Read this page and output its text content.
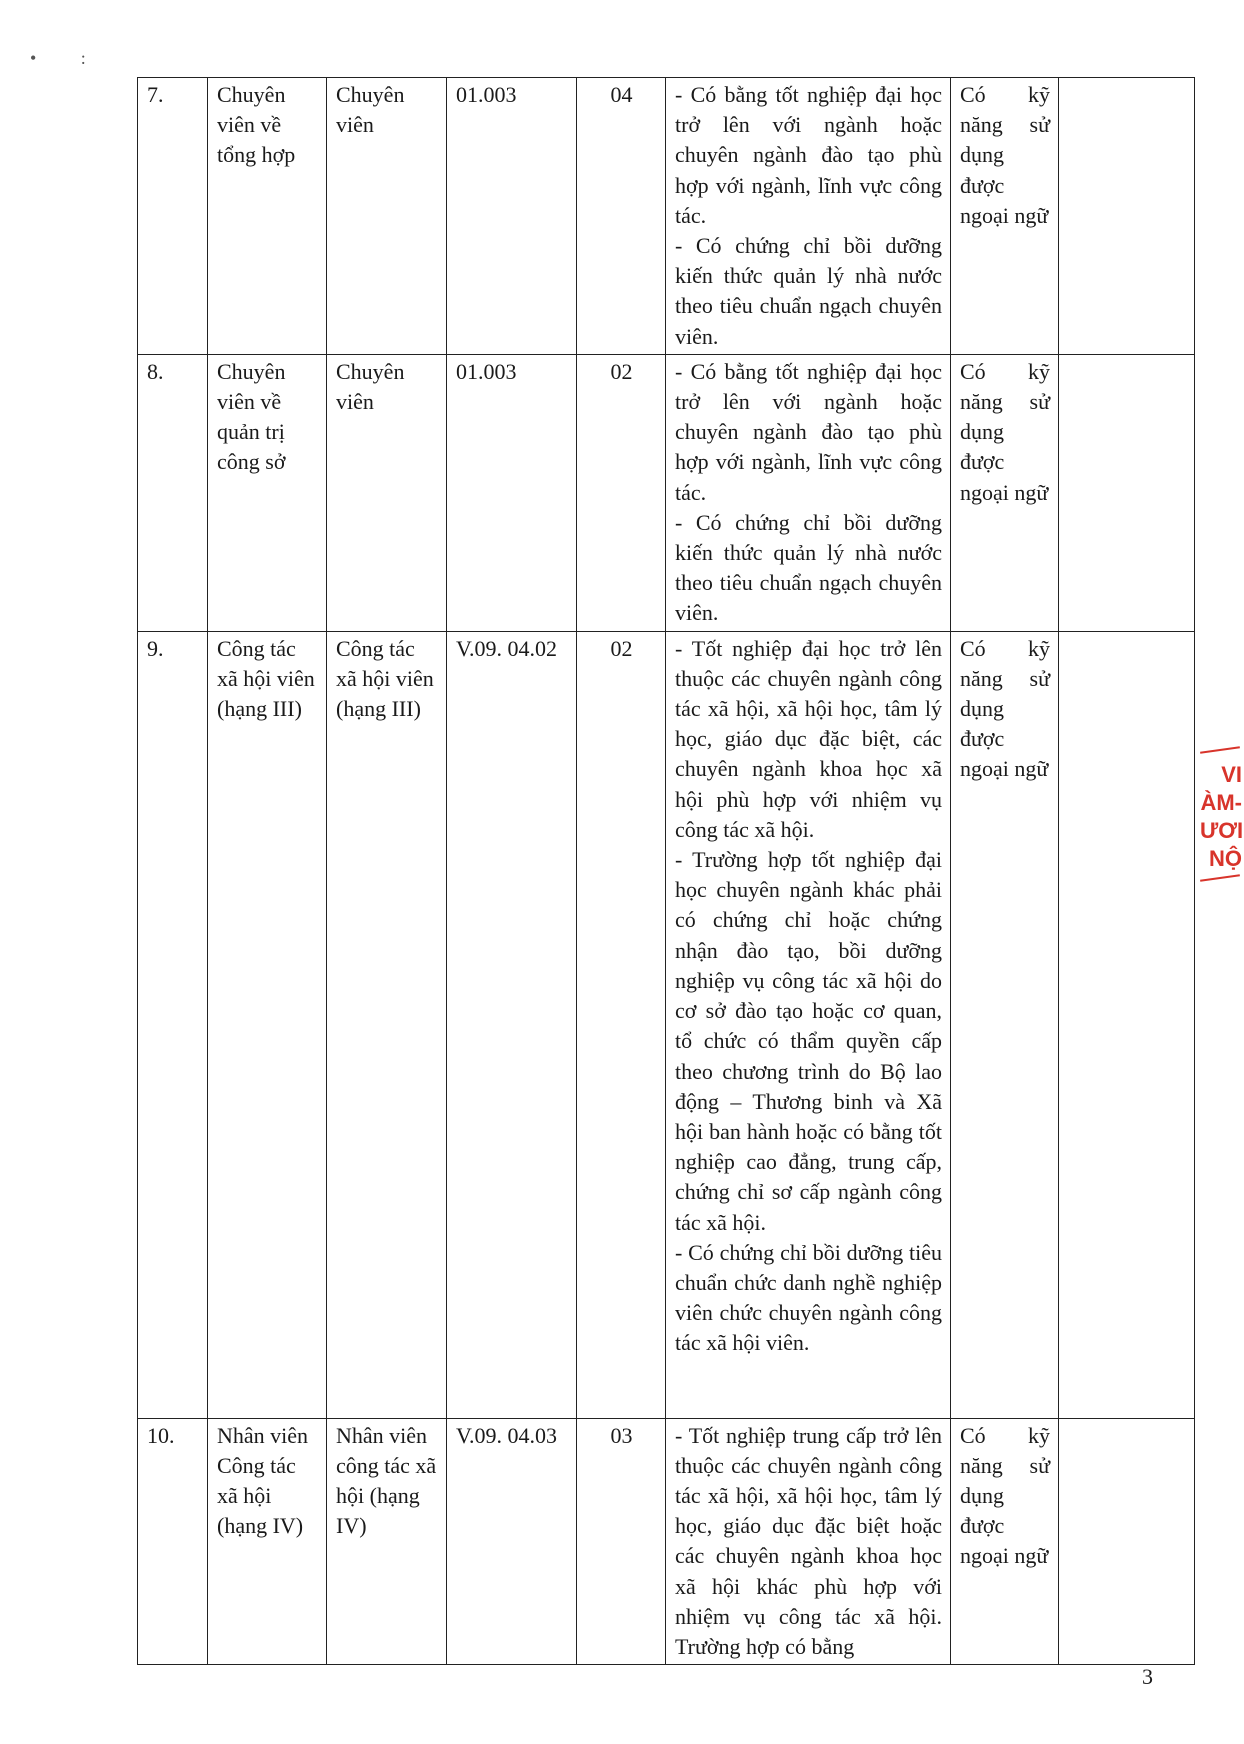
• :
7.	Chuyên viên về tổng hợp	Chuyên viên	01.003	04	- Có bằng tốt nghiệp đại học trở lên với ngành hoặc chuyên ngành đào tạo phù hợp với ngành, lĩnh vực công tác.
- Có chứng chỉ bồi dưỡng kiến thức quản lý nhà nước theo tiêu chuẩn ngạch chuyên viên.	Có kỹ năng sử dụng được ngoại ngữ	
8.	Chuyên viên về quản trị công sở	Chuyên viên	01.003	02	- Có bằng tốt nghiệp đại học trở lên với ngành hoặc chuyên ngành đào tạo phù hợp với ngành, lĩnh vực công tác.
- Có chứng chỉ bồi dưỡng kiến thức quản lý nhà nước theo tiêu chuẩn ngạch chuyên viên.	Có kỹ năng sử dụng được ngoại ngữ	
9.	Công tác xã hội viên (hạng III)	Công tác xã hội viên (hạng III)	V.09. 04.02	02	- Tốt nghiệp đại học trở lên thuộc các chuyên ngành công tác xã hội, xã hội học, tâm lý học, giáo dục đặc biệt, các chuyên ngành khoa học xã hội phù hợp với nhiệm vụ công tác xã hội.
- Trường hợp tốt nghiệp đại học chuyên ngành khác phải có chứng chỉ hoặc chứng nhận đào tạo, bồi dưỡng nghiệp vụ công tác xã hội do cơ sở đào tạo hoặc cơ quan, tổ chức có thẩm quyền cấp theo chương trình do Bộ lao động – Thương binh và Xã hội ban hành hoặc có bằng tốt nghiệp cao đẳng, trung cấp, chứng chỉ sơ cấp ngành công tác xã hội.
- Có chứng chỉ bồi dưỡng tiêu chuẩn chức danh nghề nghiệp viên chức chuyên ngành công tác xã hội viên.	Có kỹ năng sử dụng được ngoại ngữ	
10.	Nhân viên Công tác xã hội (hạng IV)	Nhân viên công tác xã hội (hạng IV)	V.09. 04.03	03	- Tốt nghiệp trung cấp trở lên thuộc các chuyên ngành công tác xã hội, xã hội học, tâm lý học, giáo dục đặc biệt hoặc các chuyên ngành khoa học xã hội khác phù hợp với nhiệm vụ công tác xã hội. Trường hợp có bằng	Có kỹ năng sử dụng được ngoại ngữ	
VI
ÀM-
ƯƠI
NỘ
3
